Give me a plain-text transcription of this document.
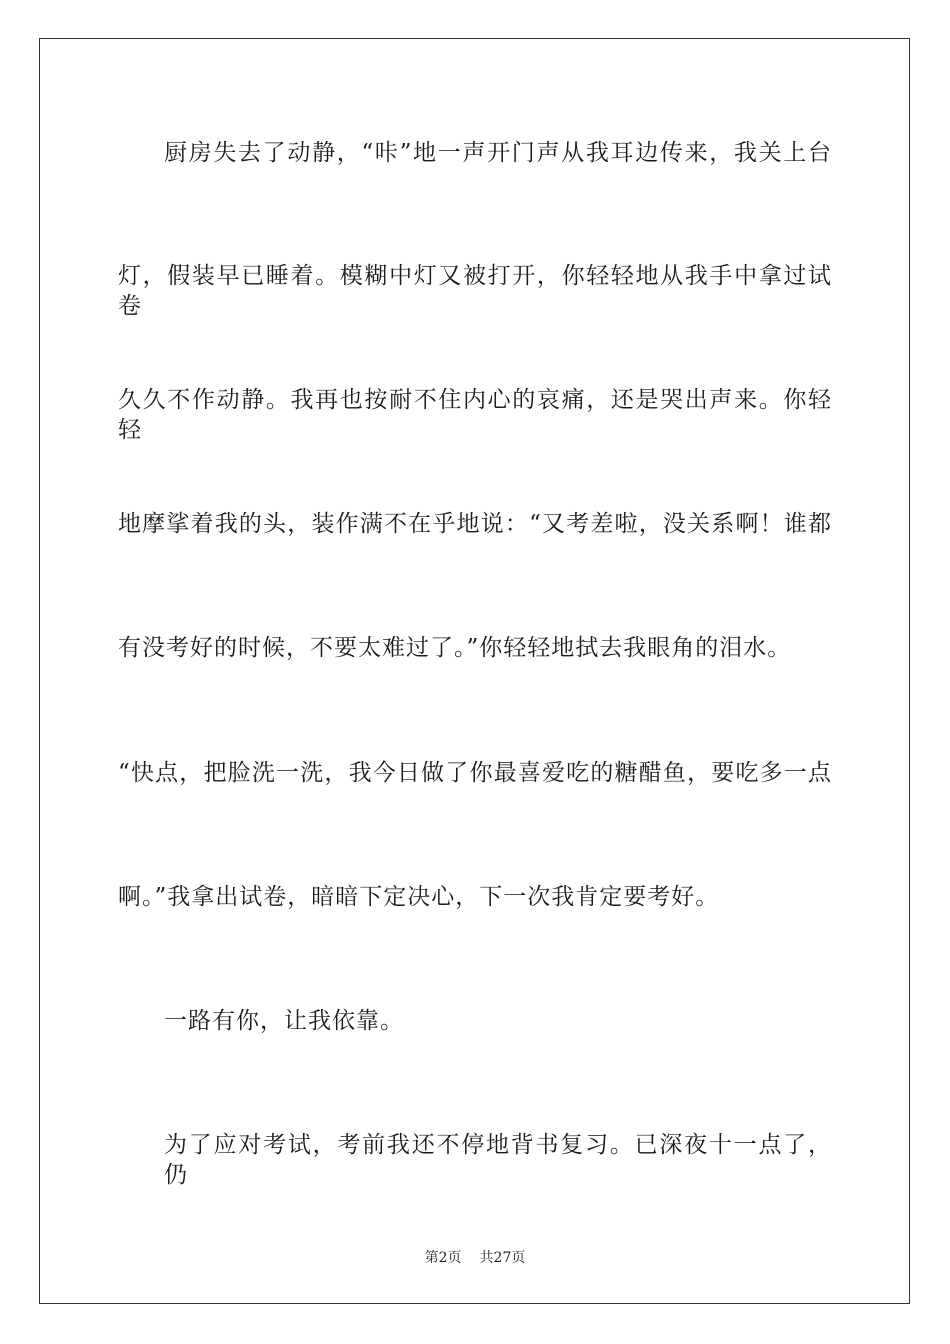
厨房失去了动静，“咔”地一声开门声从我耳边传来，我关上台
灯，假装早已睡着。模糊中灯又被打开，你轻轻地从我手中拿过试卷
久久不作动静。我再也按耐不住内心的哀痛，还是哭出声来。你轻轻
地摩挲着我的头，装作满不在乎地说：“又考差啦，没关系啊！谁都
有没考好的时候，不要太难过了。”你轻轻地拭去我眼角的泪水。
“快点，把脸洗一洗，我今日做了你最喜爱吃的糖醋鱼，要吃多一点
啊。”我拿出试卷，暗暗下定决心，下一次我肯定要考好。
一路有你，让我依靠。
为了应对考试，考前我还不停地背书复习。已深夜十一点了，仍
第2页 共27页
